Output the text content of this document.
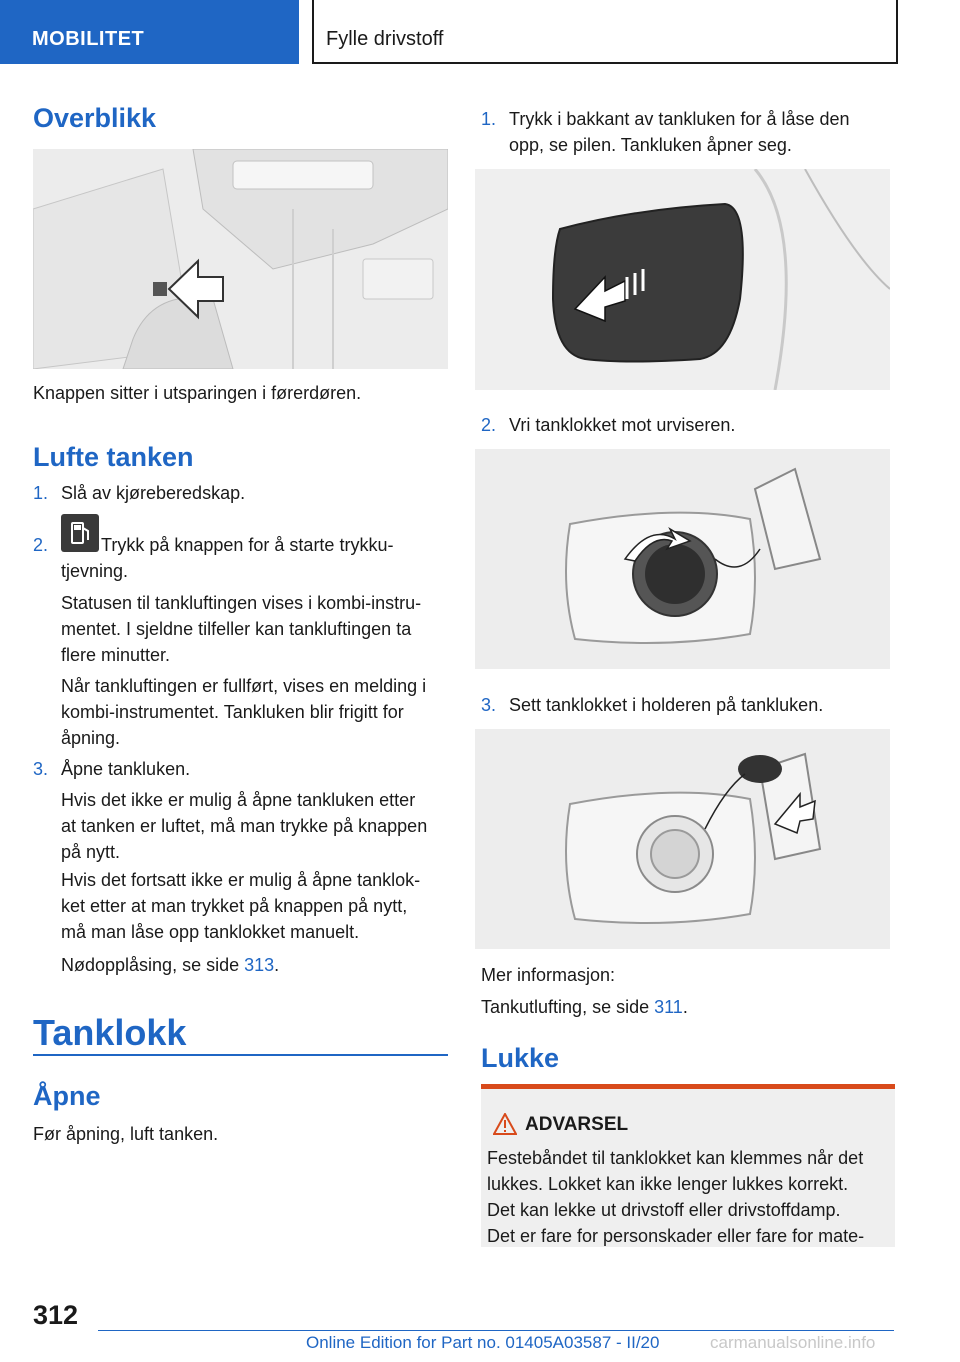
MOBILITET	Fylle drivstoff
Overblikk
Knappen sitter i utsparingen i førerdøren.
Lufte tanken
1. Slå av kjøreberedskap.
2.	Trykk på knappen for å starte trykku‐
tjevning.
Statusen til tankluftingen vises i kombi-instru‐
mentet. I sjeldne tilfeller kan tankluftingen ta
flere minutter.
Når tankluftingen er fullført, vises en melding i
kombi-instrumentet. Tankluken blir frigitt for
åpning.
3. Åpne tankluken.
Hvis det ikke er mulig å åpne tankluken etter
at tanken er luftet, må man trykke på knappen
på nytt.
Hvis det fortsatt ikke er mulig å åpne tanklok‐
ket etter at man trykket på knappen på nytt,
må man låse opp tanklokket manuelt.
Nødopplåsing, se side 313.
Tanklokk
Åpne
Før åpning, luft tanken.
1. Trykk i bakkant av tankluken for å låse den
opp, se pilen. Tankluken åpner seg.
2. Vri tanklokket mot urviseren.
3. Sett tanklokket i holderen på tankluken.
Mer informasjon:
Tankutlufting, se side 311.
Lukke
ADVARSEL
Festebåndet til tanklokket kan klemmes når det
lukkes. Lokket kan ikke lenger lukkes korrekt.
Det kan lekke ut drivstoff eller drivstoffdamp.
Det er fare for personskader eller fare for mate‐
312
Online Edition for Part no. 01405A03587 - II/20	carmanualsonline.info
